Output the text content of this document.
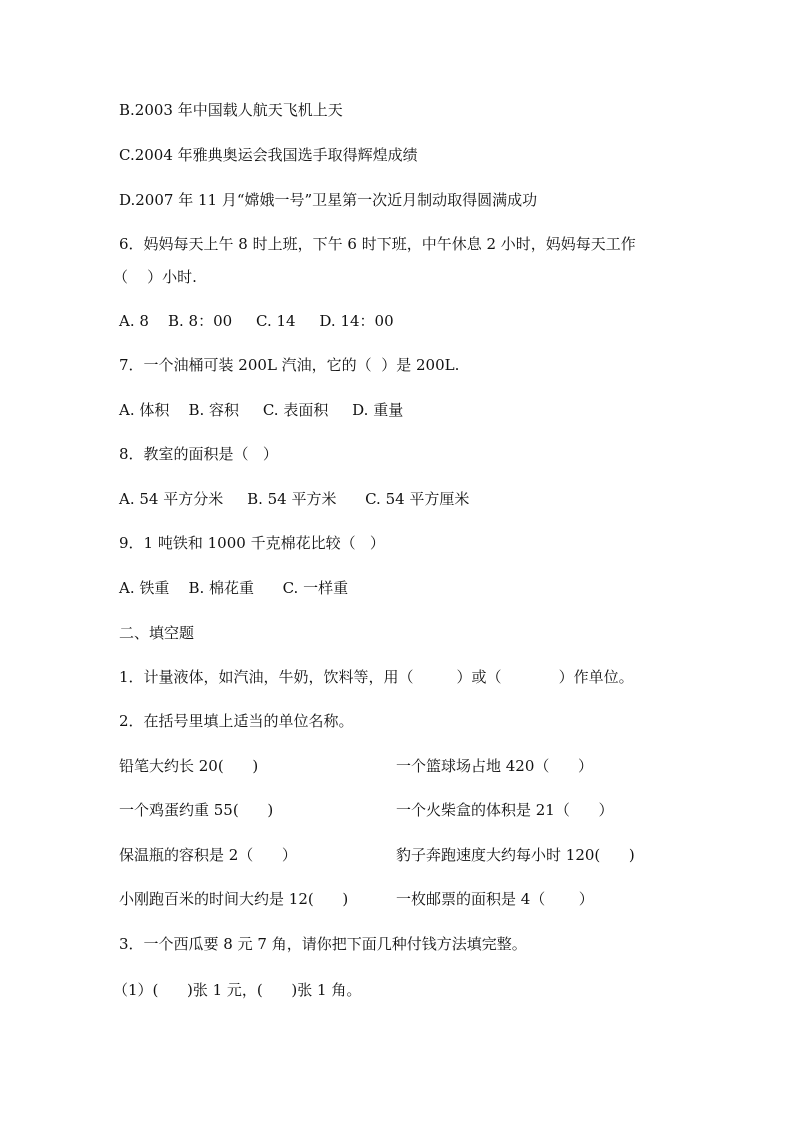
B.2003 年中国载人航天飞机上天
C.2004 年雅典奥运会我国选手取得辉煌成绩
D.2007 年 11 月“嫦娥一号”卫星第一次近月制动取得圆满成功
6．妈妈每天上午 8 时上班，下午 6 时下班，中午休息 2 小时，妈妈每天工作
（    ）小时.
A. 8    B. 8：00     C. 14     D. 14：00
7．一个油桶可装 200L 汽油，它的（  ）是 200L.
A. 体积    B. 容积     C. 表面积     D. 重量
8．教室的面积是（   ）
A. 54 平方分米     B. 54 平方米      C. 54 平方厘米
9．1 吨铁和 1000 千克棉花比较（   ）
A. 铁重    B. 棉花重      C. 一样重
二、填空题
1．计量液体，如汽油，牛奶，饮料等，用（         ）或（            ）作单位。
2．在括号里填上适当的单位名称。
铅笔大约长 20(      )	一个篮球场占地 420（      ）
一个鸡蛋约重 55(      )	一个火柴盒的体积是 21（      ）
保温瓶的容积是 2（      ）	豹子奔跑速度大约每小时 120(      )
小刚跑百米的时间大约是 12(      )	一枚邮票的面积是 4（       ）
3．一个西瓜要 8 元 7 角，请你把下面几种付钱方法填完整。
（1）(      )张 1 元，(      )张 1 角。
